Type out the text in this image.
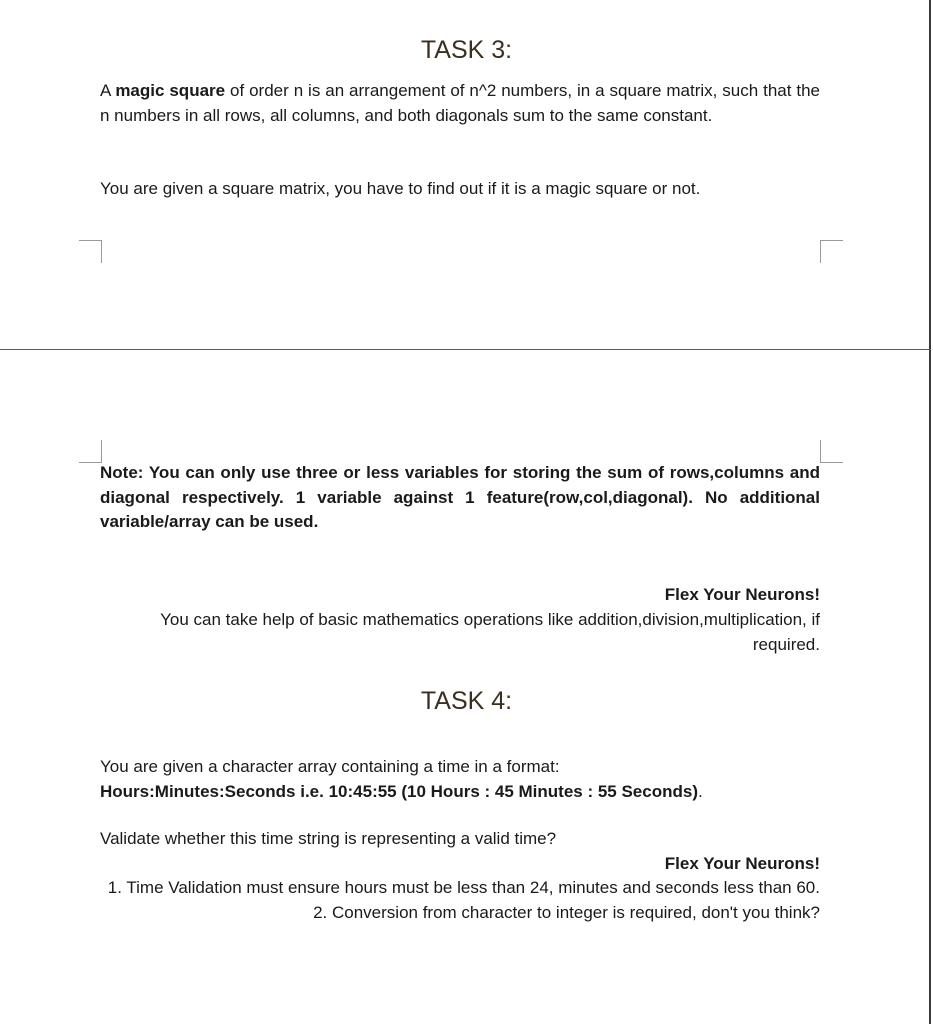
TASK 3:

A magic square of order n is an arrangement of n^2 numbers, in a square matrix, such that the n numbers in all rows, all columns, and both diagonals sum to the same constant.

You are given a square matrix, you have to find out if it is a magic square or not.

Note: You can only use three or less variables for storing the sum of rows,columns and diagonal respectively. 1 variable against 1 feature(row,col,diagonal). No additional variable/array can be used.

Flex Your Neurons!

You can take help of basic mathematics operations like addition,division,multiplication, if required.

TASK 4:

You are given a character array containing a time in a format:

Hours:Minutes:Seconds i.e. 10:45:55 (10 Hours : 45 Minutes : 55 Seconds).

Validate whether this time string is representing a valid time?

Flex Your Neurons!

1. Time Validation must ensure hours must be less than 24, minutes and seconds less than 60.
2. Conversion from character to integer is required, don't you think?
